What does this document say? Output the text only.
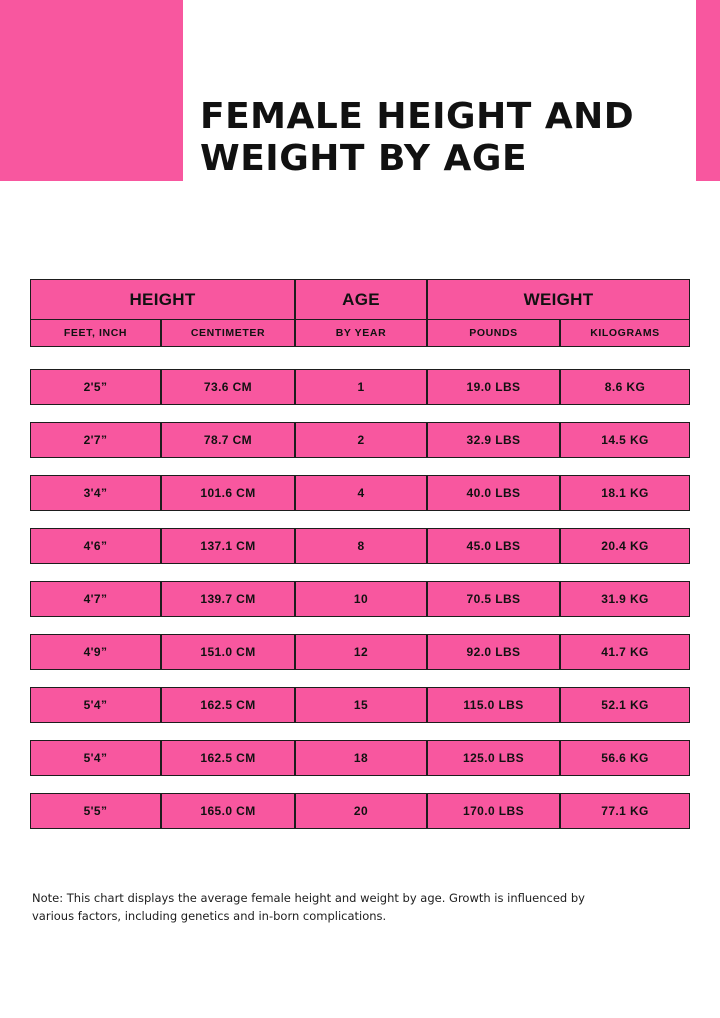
FEMALE HEIGHT AND WEIGHT BY AGE
HEIGHT	AGE	WEIGHT
FEET, INCH	CENTIMETER	BY YEAR	POUNDS	KILOGRAMS
2'5”	73.6 CM	1	19.0 LBS	8.6 KG
2'7”	78.7 CM	2	32.9 LBS	14.5 KG
3'4”	101.6 CM	4	40.0 LBS	18.1 KG
4'6”	137.1 CM	8	45.0 LBS	20.4 KG
4'7”	139.7 CM	10	70.5 LBS	31.9 KG
4'9”	151.0 CM	12	92.0 LBS	41.7 KG
5'4”	162.5 CM	15	115.0 LBS	52.1 KG
5'4”	162.5 CM	18	125.0 LBS	56.6 KG
5'5”	165.0 CM	20	170.0 LBS	77.1 KG
Note: This chart displays the average female height and weight by age. Growth is influenced by various factors, including genetics and in-born complications.
